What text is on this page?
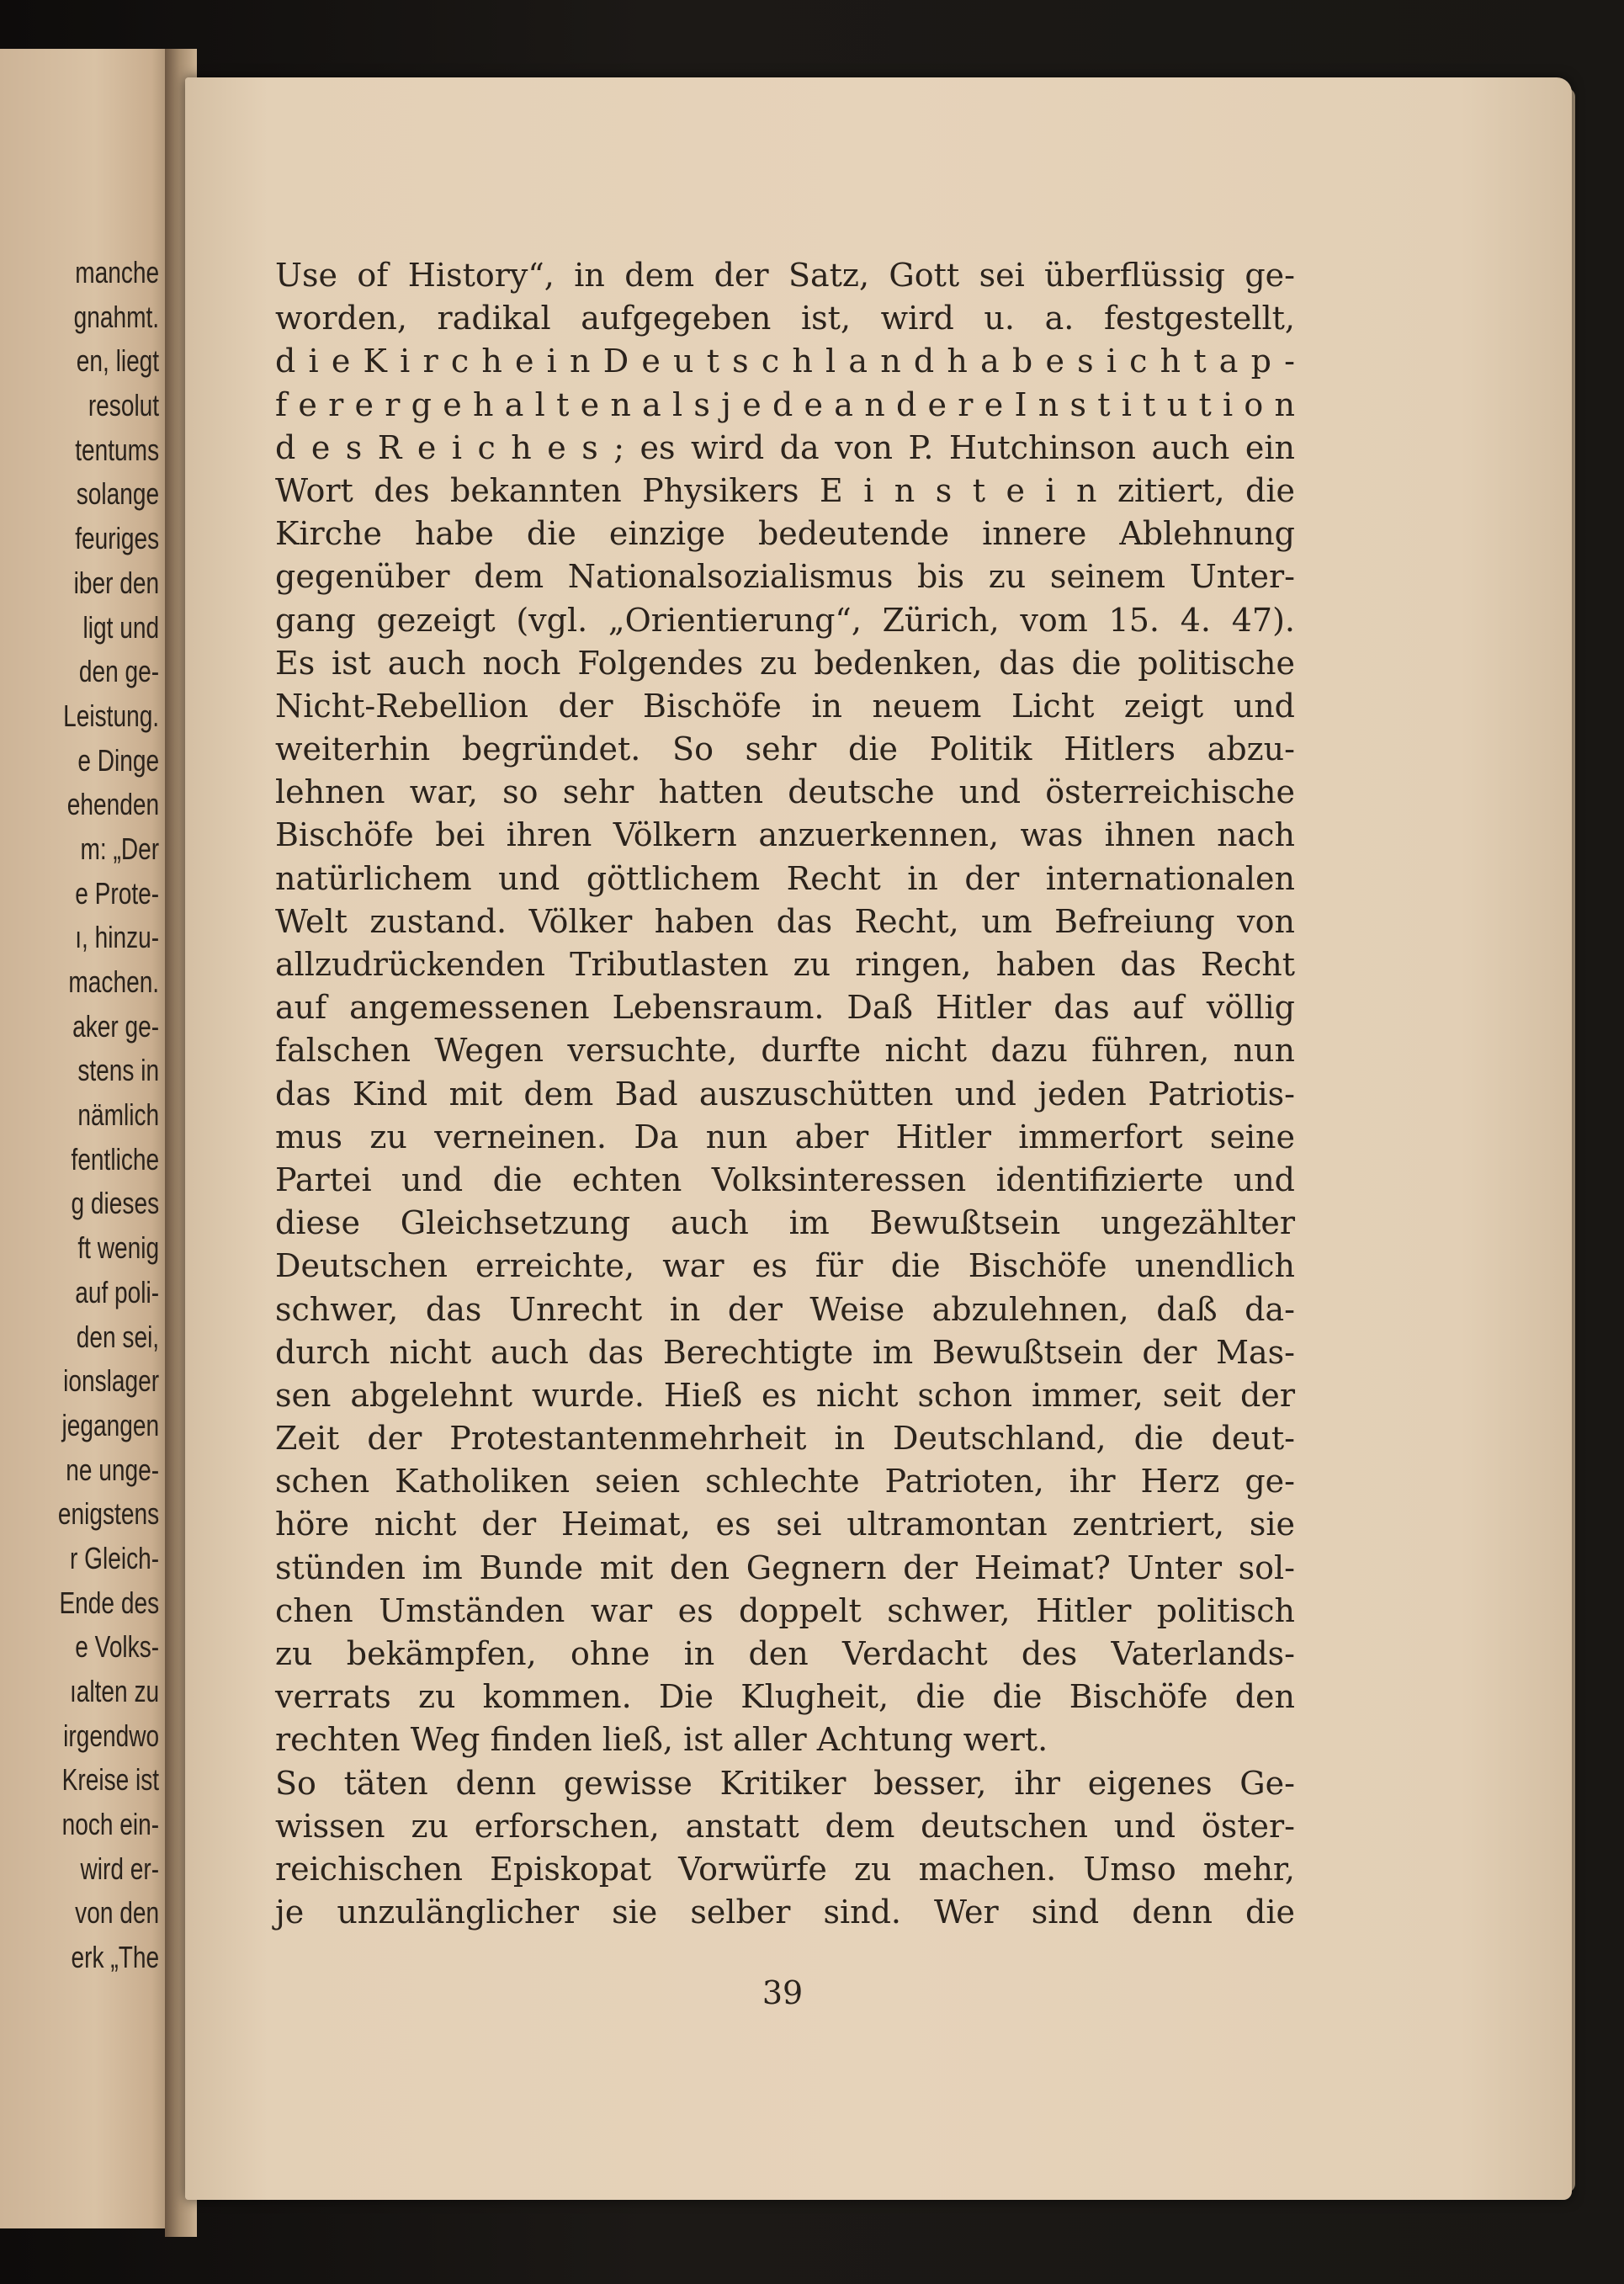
manche
gnahmt.
en, liegt
resolut
tentums
solange
feuriges
iber den
ligt und
den ge-
Leistung.
e Dinge
ehenden
m: „Der
e Prote-
ı, hinzu-
machen.
aker ge-
stens in
nämlich
fentliche
g dieses
ft wenig
auf poli-
den sei,
ionslager
jegangen
ne unge-
enigstens
r Gleich-
Ende des
e Volks-
ıalten zu
irgendwo
Kreise ist
noch ein-
wird er-
von den
erk „The
Use of History“, in dem der Satz, Gott sei überflüssig ge-
worden, radikal aufgegeben ist, wird u. a. festgestellt,
d i e K i r c h e i n D e u t s c h l a n d h a b e s i c h t a p -
f e r e r g e h a l t e n a l s j e d e a n d e r e I n s t i t u t i o n
d e s R e i c h e s ; es wird da von P. Hutchinson auch ein
Wort des bekannten Physikers E i n s t e i n zitiert, die
Kirche habe die einzige bedeutende innere Ablehnung
gegenüber dem Nationalsozialismus bis zu seinem Unter-
gang gezeigt (vgl. „Orientierung“, Zürich, vom 15. 4. 47).
Es ist auch noch Folgendes zu bedenken, das die politische
Nicht-Rebellion der Bischöfe in neuem Licht zeigt und
weiterhin begründet. So sehr die Politik Hitlers abzu-
lehnen war, so sehr hatten deutsche und österreichische
Bischöfe bei ihren Völkern anzuerkennen, was ihnen nach
natürlichem und göttlichem Recht in der internationalen
Welt zustand. Völker haben das Recht, um Befreiung von
allzudrückenden Tributlasten zu ringen, haben das Recht
auf angemessenen Lebensraum. Daß Hitler das auf völlig
falschen Wegen versuchte, durfte nicht dazu führen, nun
das Kind mit dem Bad auszuschütten und jeden Patriotis-
mus zu verneinen. Da nun aber Hitler immerfort seine
Partei und die echten Volksinteressen identifizierte und
diese Gleichsetzung auch im Bewußtsein ungezählter
Deutschen erreichte, war es für die Bischöfe unendlich
schwer, das Unrecht in der Weise abzulehnen, daß da-
durch nicht auch das Berechtigte im Bewußtsein der Mas-
sen abgelehnt wurde. Hieß es nicht schon immer, seit der
Zeit der Protestantenmehrheit in Deutschland, die deut-
schen Katholiken seien schlechte Patrioten, ihr Herz ge-
höre nicht der Heimat, es sei ultramontan zentriert, sie
stünden im Bunde mit den Gegnern der Heimat? Unter sol-
chen Umständen war es doppelt schwer, Hitler politisch
zu bekämpfen, ohne in den Verdacht des Vaterlands-
verrats zu kommen. Die Klugheit, die die Bischöfe den
rechten Weg finden ließ, ist aller Achtung wert.
So täten denn gewisse Kritiker besser, ihr eigenes Ge-
wissen zu erforschen, anstatt dem deutschen und öster-
reichischen Episkopat Vorwürfe zu machen. Umso mehr,
je unzulänglicher sie selber sind. Wer sind denn die
39
